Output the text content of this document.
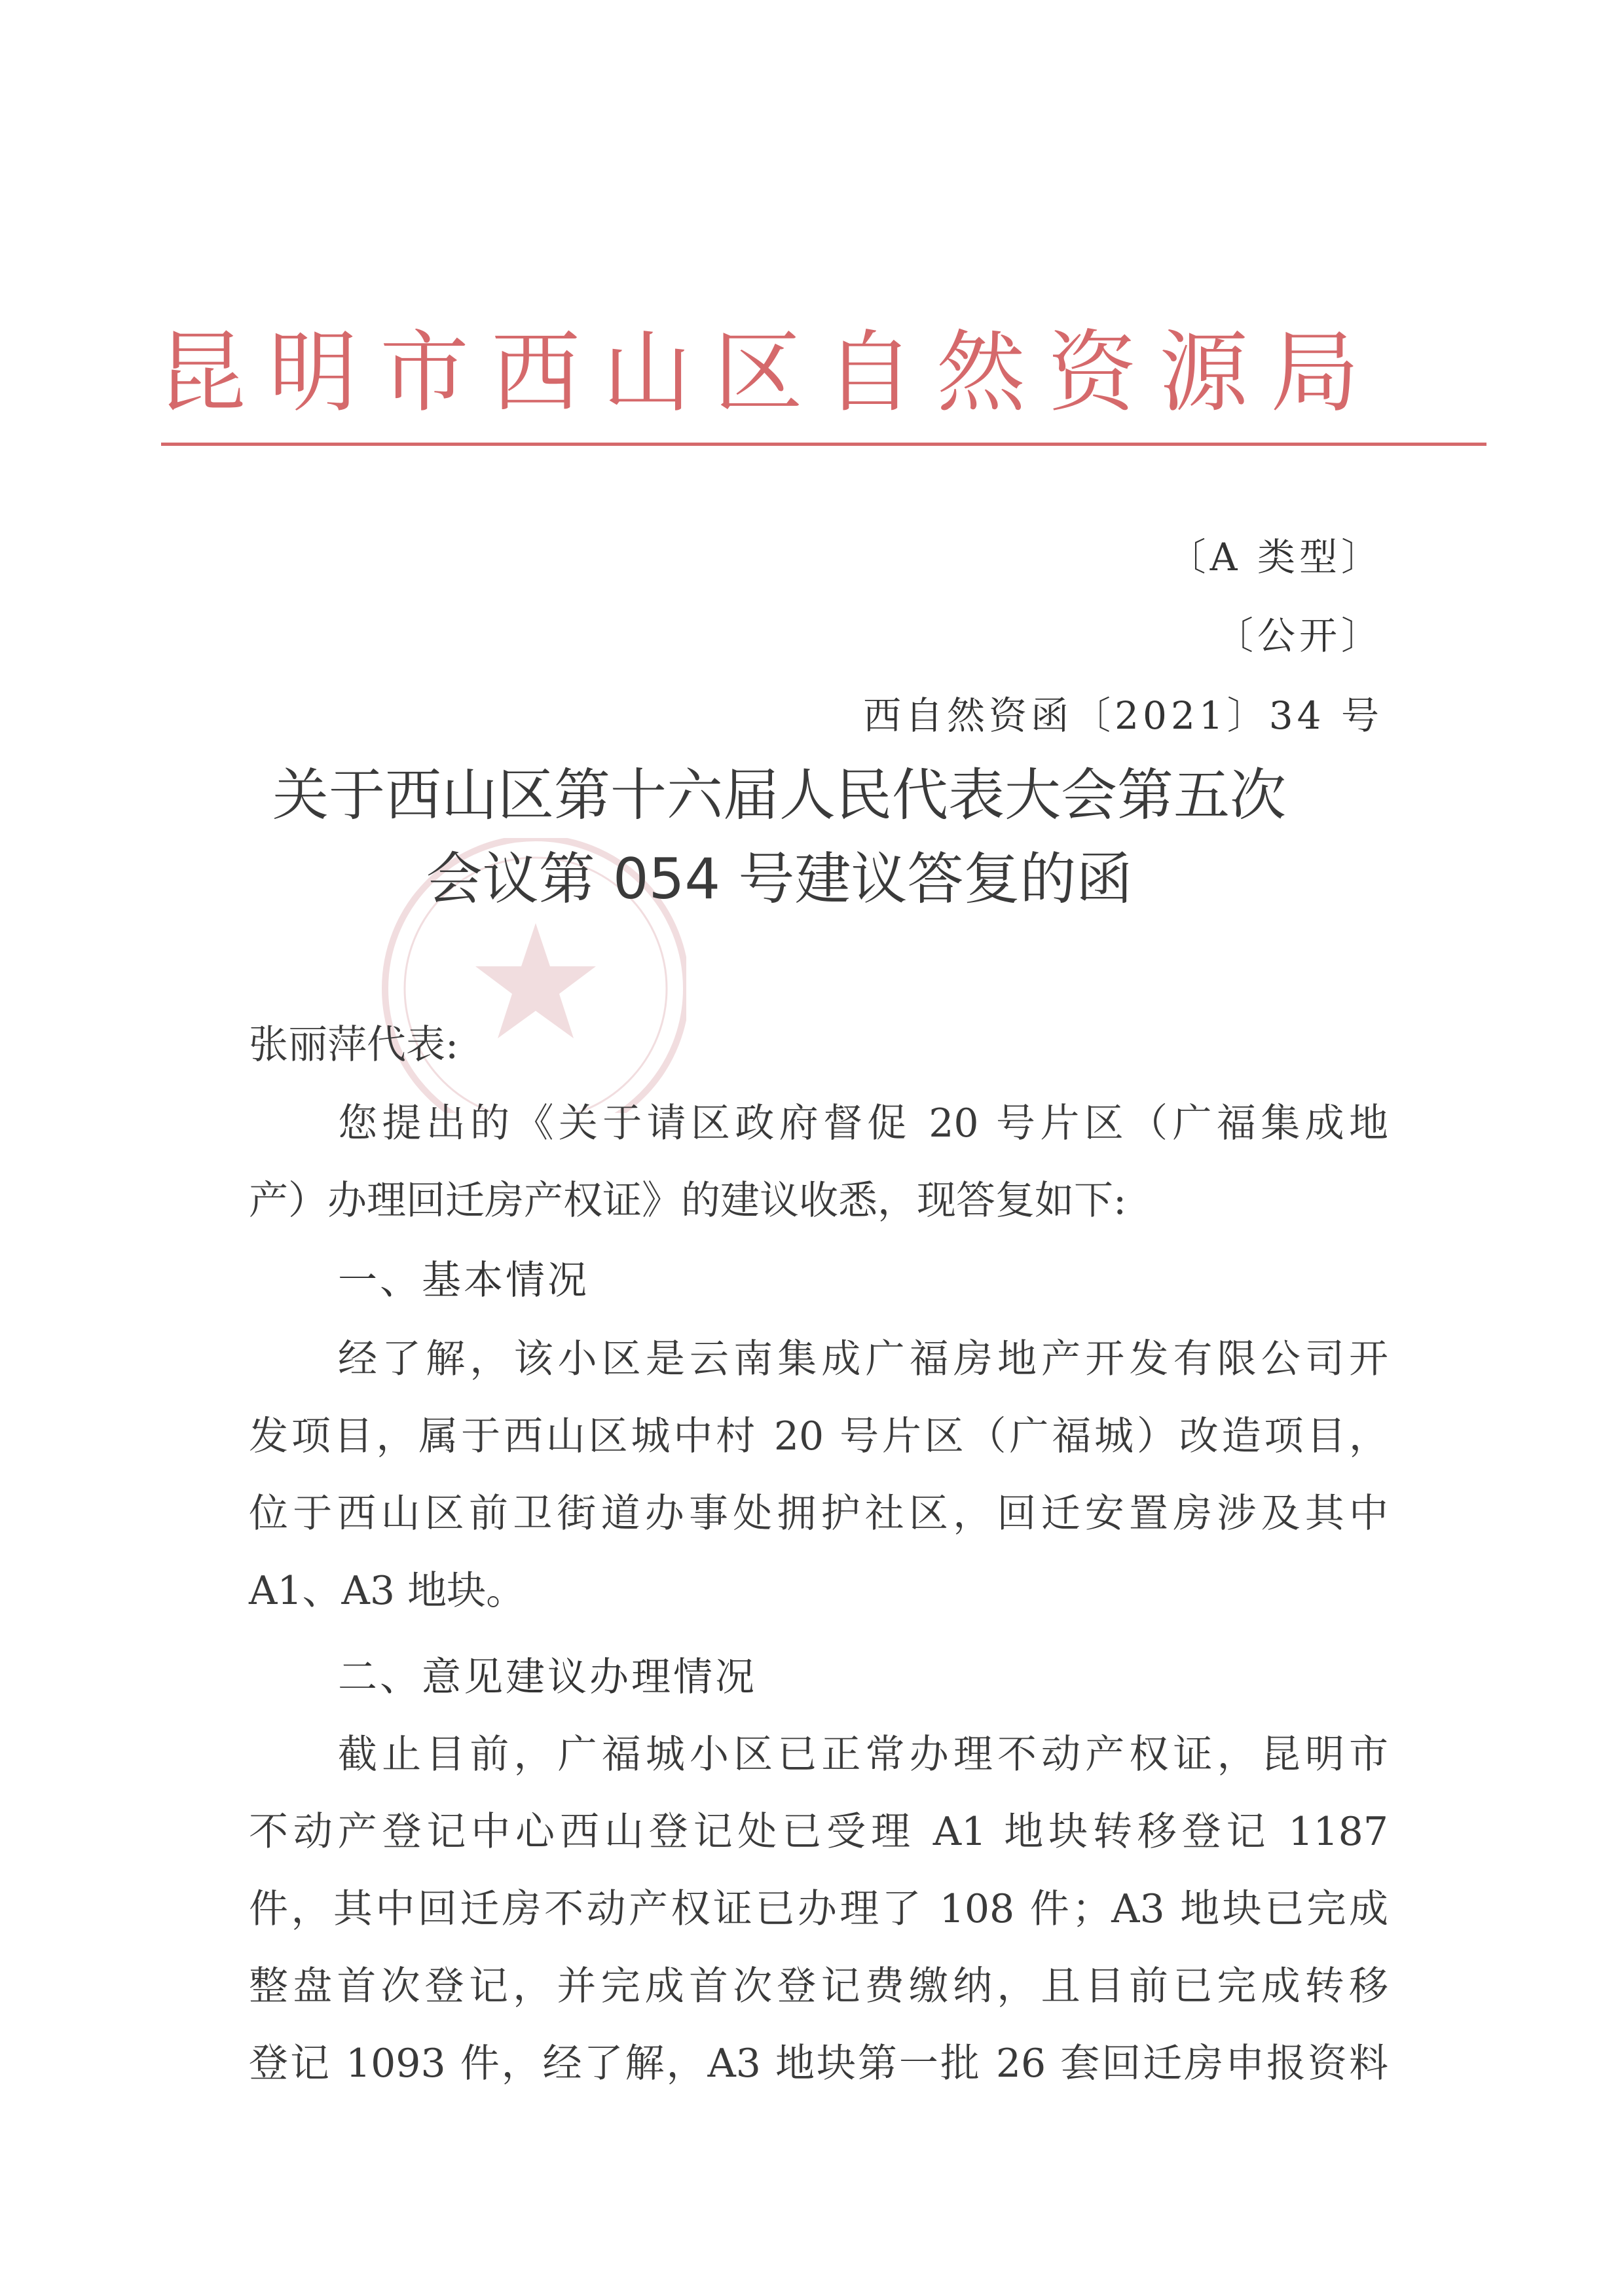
昆明市西山区自然资源局
〔A 类型〕
〔公开〕
西自然资函〔2021〕34 号
关于西山区第十六届人民代表大会第五次
会议第 054 号建议答复的函
张丽萍代表:
您提出的《关于请区政府督促 20 号片区（广福集成地
产）办理回迁房产权证》的建议收悉，现答复如下:
一、基本情况
经了解，该小区是云南集成广福房地产开发有限公司开
发项目，属于西山区城中村 20 号片区（广福城）改造项目，
位于西山区前卫街道办事处拥护社区，回迁安置房涉及其中
A1、A3 地块。
二、意见建议办理情况
截止目前，广福城小区已正常办理不动产权证，昆明市
不动产登记中心西山登记处已受理 A1 地块转移登记 1187
件，其中回迁房不动产权证已办理了 108 件；A3 地块已完成
整盘首次登记，并完成首次登记费缴纳，且目前已完成转移
登记 1093 件，经了解，A3 地块第一批 26 套回迁房申报资料
